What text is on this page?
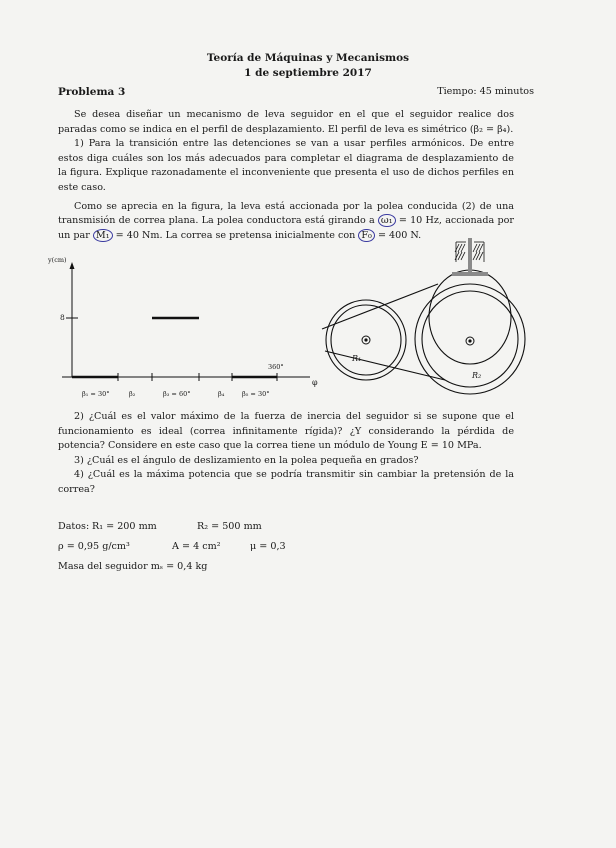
Teoría de Máquinas y Mecanismos
1 de septiembre 2017
Problema 3	Tiempo: 45 minutos

Se desea diseñar un mecanismo de leva seguidor en el que el seguidor realice dos paradas como se indica en el perfil de desplazamiento. El perfil de leva es simétrico (β₂ = β₄).

1) Para la transición entre las detenciones se van a usar perfiles armónicos. De entre estos diga cuáles son los más adecuados para completar el diagrama de desplazamiento de la figura. Explique razonadamente el inconveniente que presenta el uso de dichos perfiles en este caso.

Como se aprecia en la figura, la leva está accionada por la polea conducida (2) de una transmisión de correa plana. La polea conductora está girando a ω₁ = 10 Hz, accionada por un par M₁ = 40 Nm. La correa se pretensa inicialmente con F₀ = 400 N.

y(cm)
8
φ
360°
β₁ = 30°	β₂	β₃ = 60°	β₄	β₅ = 30°
R₁
R₂

2) ¿Cuál es el valor máximo de la fuerza de inercia del seguidor si se supone que el funcionamiento es ideal (correa infinitamente rígida)? ¿Y considerando la pérdida de potencia? Considere en este caso que la correa tiene un módulo de Young E = 10 MPa.

3) ¿Cuál es el ángulo de deslizamiento en la polea pequeña en grados?

4) ¿Cuál es la máxima potencia que se podría transmitir sin cambiar la pretensión de la correa?

Datos: R₁ = 200 mm	R₂ = 500 mm
ρ = 0,95 g/cm³	A = 4 cm²	μ = 0,3
Masa del seguidor mₛ = 0,4 kg
